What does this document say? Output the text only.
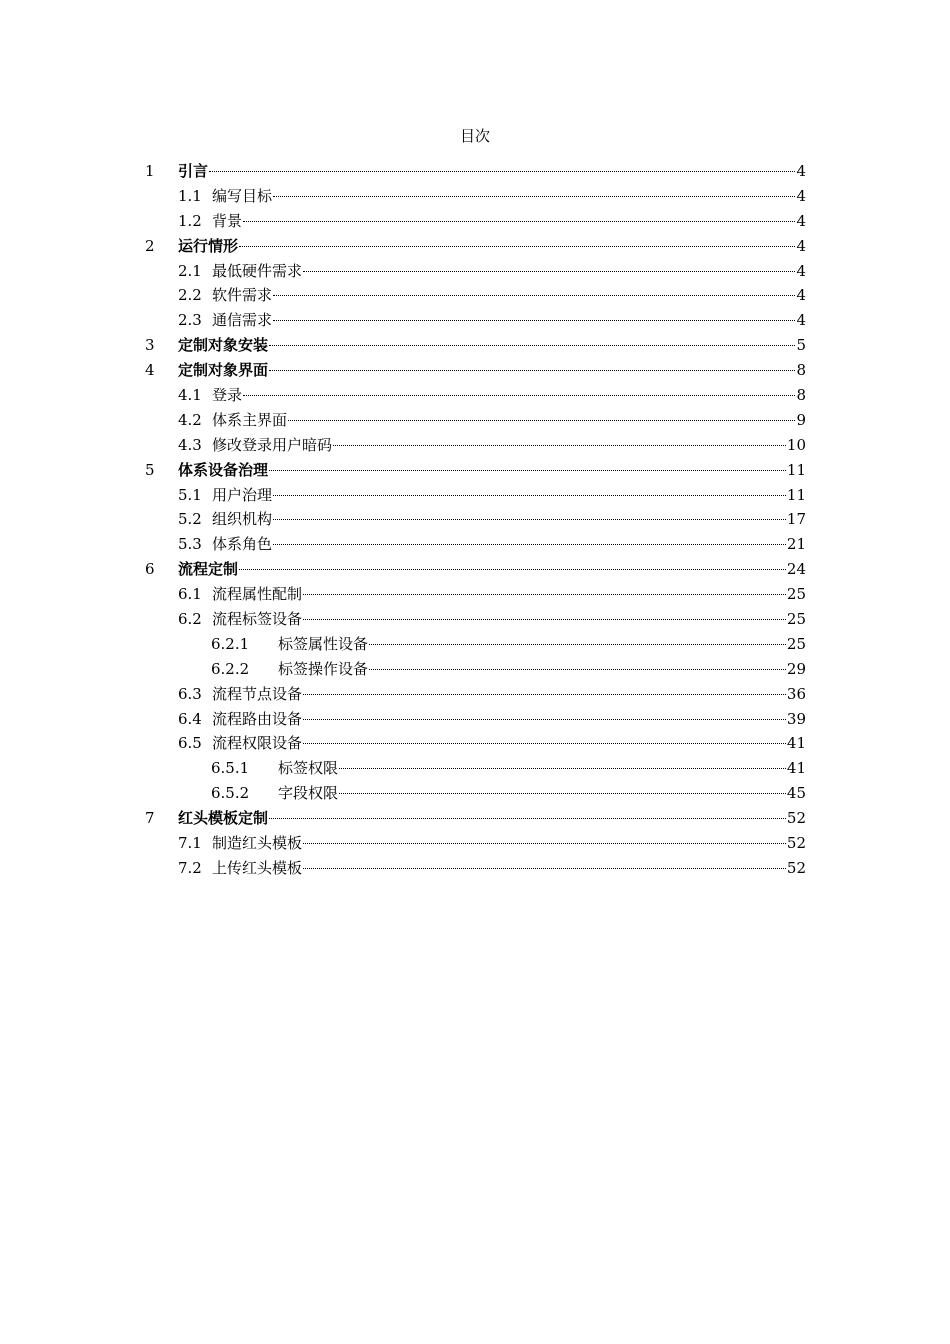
目次
1	引言	4
1.1 编写目标	4
1.2 背景	4
2	运行情形	4
2.1 最低硬件需求	4
2.2 软件需求	4
2.3 通信需求	4
3	定制对象安装	5
4	定制对象界面	8
4.1 登录	8
4.2 体系主界面	9
4.3 修改登录用户暗码	10
5	体系设备治理	11
5.1 用户治理	11
5.2 组织机构	17
5.3 体系角色	21
6	流程定制	24
6.1 流程属性配制	25
6.2 流程标签设备	25
6.2.1	标签属性设备	25
6.2.2	标签操作设备	29
6.3 流程节点设备	36
6.4 流程路由设备	39
6.5 流程权限设备	41
6.5.1	标签权限	41
6.5.2	字段权限	45
7	红头模板定制	52
7.1 制造红头模板	52
7.2 上传红头模板	52
